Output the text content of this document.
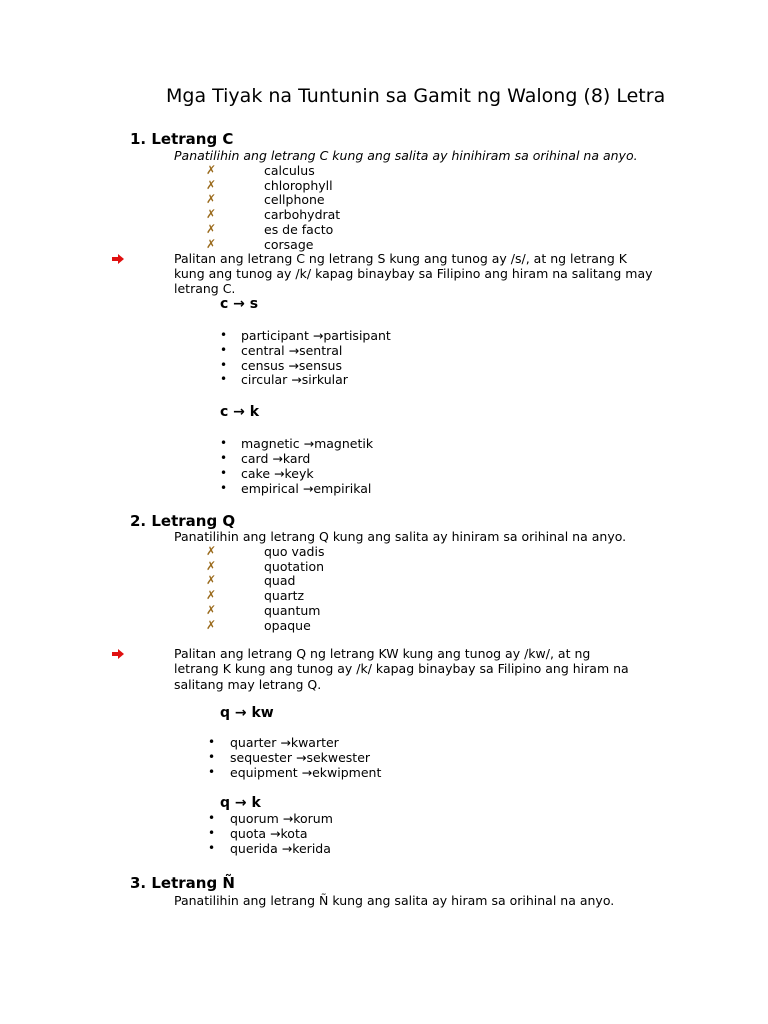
Mga Tiyak na Tuntunin sa Gamit ng Walong (8) Letra
1. Letrang C
Panatilihin ang letrang C kung ang salita ay hinihiram sa orihinal na anyo.
✗	calculus
✗	chlorophyll
✗	cellphone
✗	carbohydrat
✗	es de facto
✗	corsage
Palitan ang letrang C ng letrang S kung ang tunog ay /s/, at ng letrang K
kung ang tunog ay /k/ kapag binaybay sa Filipino ang hiram na salitang may
letrang C.
c → s
• participant →partisipant
• central →sentral
• census →sensus
• circular →sirkular
c → k
• magnetic →magnetik
• card →kard
• cake →keyk
• empirical →empirikal
2. Letrang Q
Panatilihin ang letrang Q kung ang salita ay hiniram sa orihinal na anyo.
✗	quo vadis
✗	quotation
✗	quad
✗	quartz
✗	quantum
✗	opaque
Palitan ang letrang Q ng letrang KW kung ang tunog ay /kw/, at ng
letrang K kung ang tunog ay /k/ kapag binaybay sa Filipino ang hiram na
salitang may letrang Q.
q → kw
• quarter →kwarter
• sequester →sekwester
• equipment →ekwipment
q → k
• quorum →korum
• quota →kota
• querida →kerida
3. Letrang Ñ
Panatilihin ang letrang Ñ kung ang salita ay hiram sa orihinal na anyo.
